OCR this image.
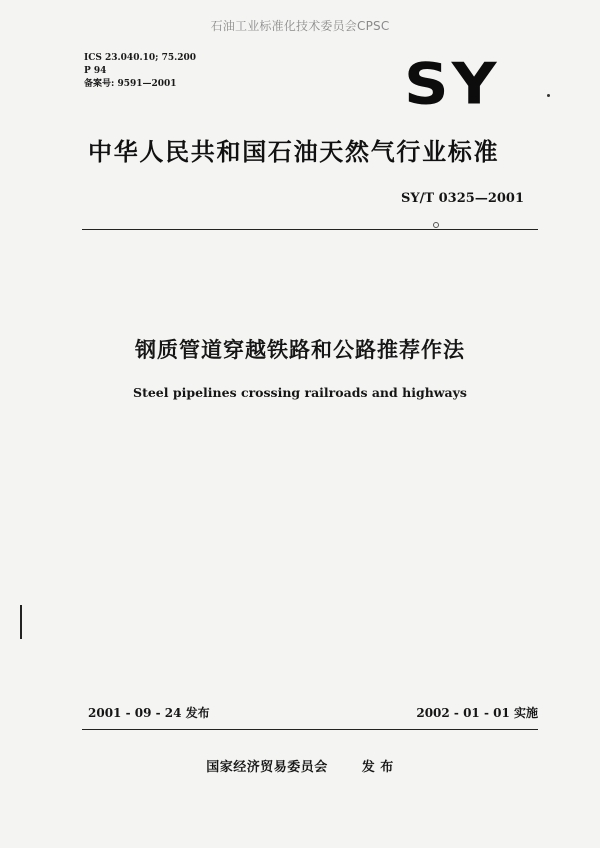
石油工业标准化技术委员会CPSC
ICS 23.040.10; 75.200
P 94
备案号: 9591—2001	SY
中华人民共和国石油天然气行业标准
SY/T 0325—2001
钢质管道穿越铁路和公路推荐作法
Steel pipelines crossing railroads and highways
2001 - 09 - 24 发布	2002 - 01 - 01 实施
国家经济贸易委员会	发 布
